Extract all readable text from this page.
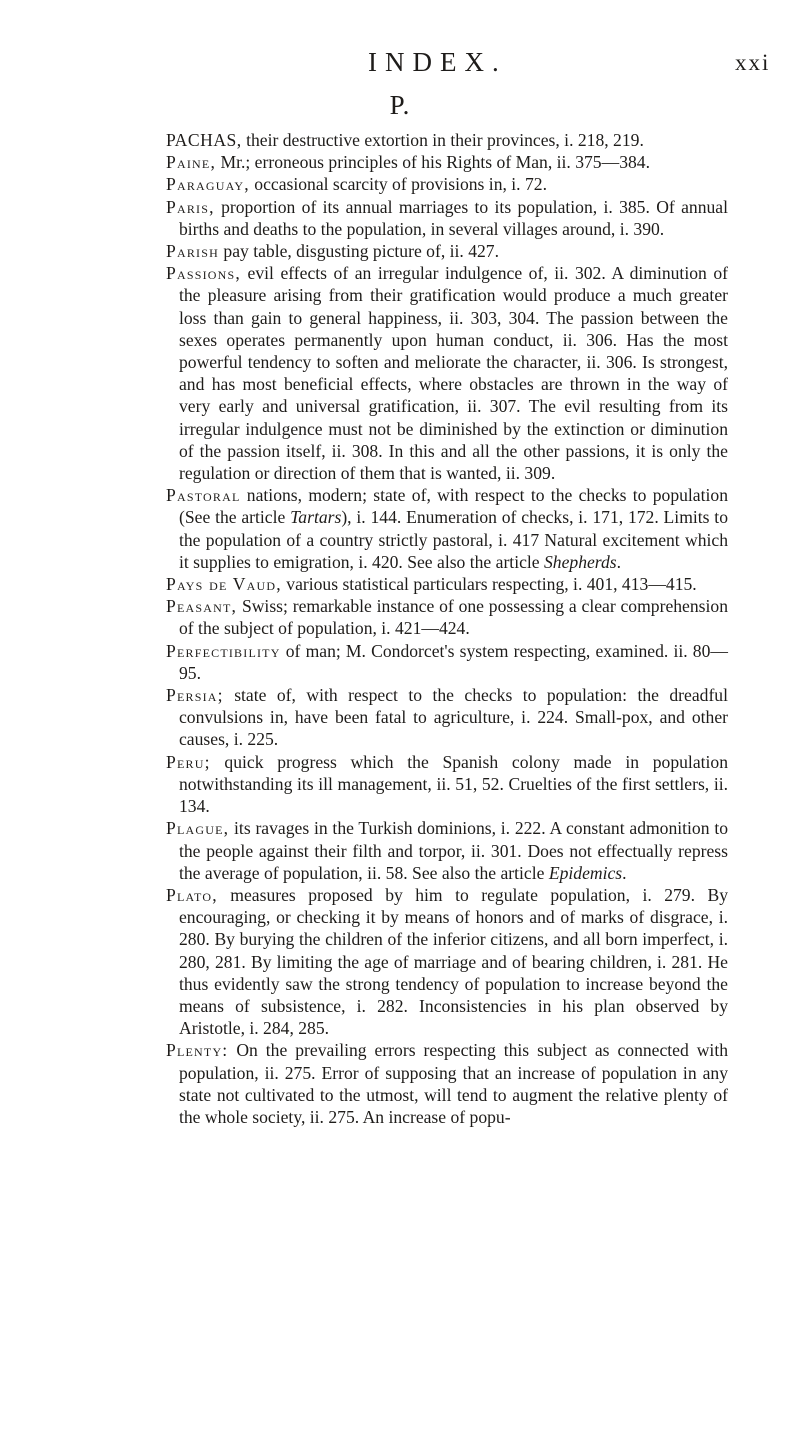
INDEX.	xxi
P.

PACHAS, their destructive extortion in their provinces, i. 218, 219.

Paine, Mr.; erroneous principles of his Rights of Man, ii. 375—384.

Paraguay, occasional scarcity of provisions in, i. 72.

Paris, proportion of its annual marriages to its population, i. 385. Of annual births and deaths to the population, in several villages around, i. 390.

Parish pay table, disgusting picture of, ii. 427.

Passions, evil effects of an irregular indulgence of, ii. 302. A diminution of the pleasure arising from their gratification would produce a much greater loss than gain to general happiness, ii. 303, 304. The passion between the sexes operates permanently upon human conduct, ii. 306. Has the most powerful tendency to soften and meliorate the character, ii. 306. Is strongest, and has most beneficial effects, where obstacles are thrown in the way of very early and universal gratification, ii. 307. The evil resulting from its irregular indulgence must not be diminished by the extinction or diminution of the passion itself, ii. 308. In this and all the other passions, it is only the regulation or direction of them that is wanted, ii. 309.

Pastoral nations, modern; state of, with respect to the checks to population (See the article Tartars), i. 144. Enumeration of checks, i. 171, 172. Limits to the population of a country strictly pastoral, i. 417 Natural excitement which it supplies to emigration, i. 420. See also the article Shepherds.

Pays de Vaud, various statistical particulars respecting, i. 401, 413—415.

Peasant, Swiss; remarkable instance of one possessing a clear comprehension of the subject of population, i. 421—424.

Perfectibility of man; M. Condorcet's system respecting, examined. ii. 80—95.

Persia; state of, with respect to the checks to population: the dreadful convulsions in, have been fatal to agriculture, i. 224. Small-pox, and other causes, i. 225.

Peru; quick progress which the Spanish colony made in population notwithstanding its ill management, ii. 51, 52. Cruelties of the first settlers, ii. 134.

Plague, its ravages in the Turkish dominions, i. 222. A constant admonition to the people against their filth and torpor, ii. 301. Does not effectually repress the average of population, ii. 58. See also the article Epidemics.

Plato, measures proposed by him to regulate population, i. 279. By encouraging, or checking it by means of honors and of marks of disgrace, i. 280. By burying the children of the inferior citizens, and all born imperfect, i. 280, 281. By limiting the age of marriage and of bearing children, i. 281. He thus evidently saw the strong tendency of population to increase beyond the means of subsistence, i. 282. Inconsistencies in his plan observed by Aristotle, i. 284, 285.

Plenty: On the prevailing errors respecting this subject as connected with population, ii. 275. Error of supposing that an increase of population in any state not cultivated to the utmost, will tend to augment the relative plenty of the whole society, ii. 275. An increase of popu-
